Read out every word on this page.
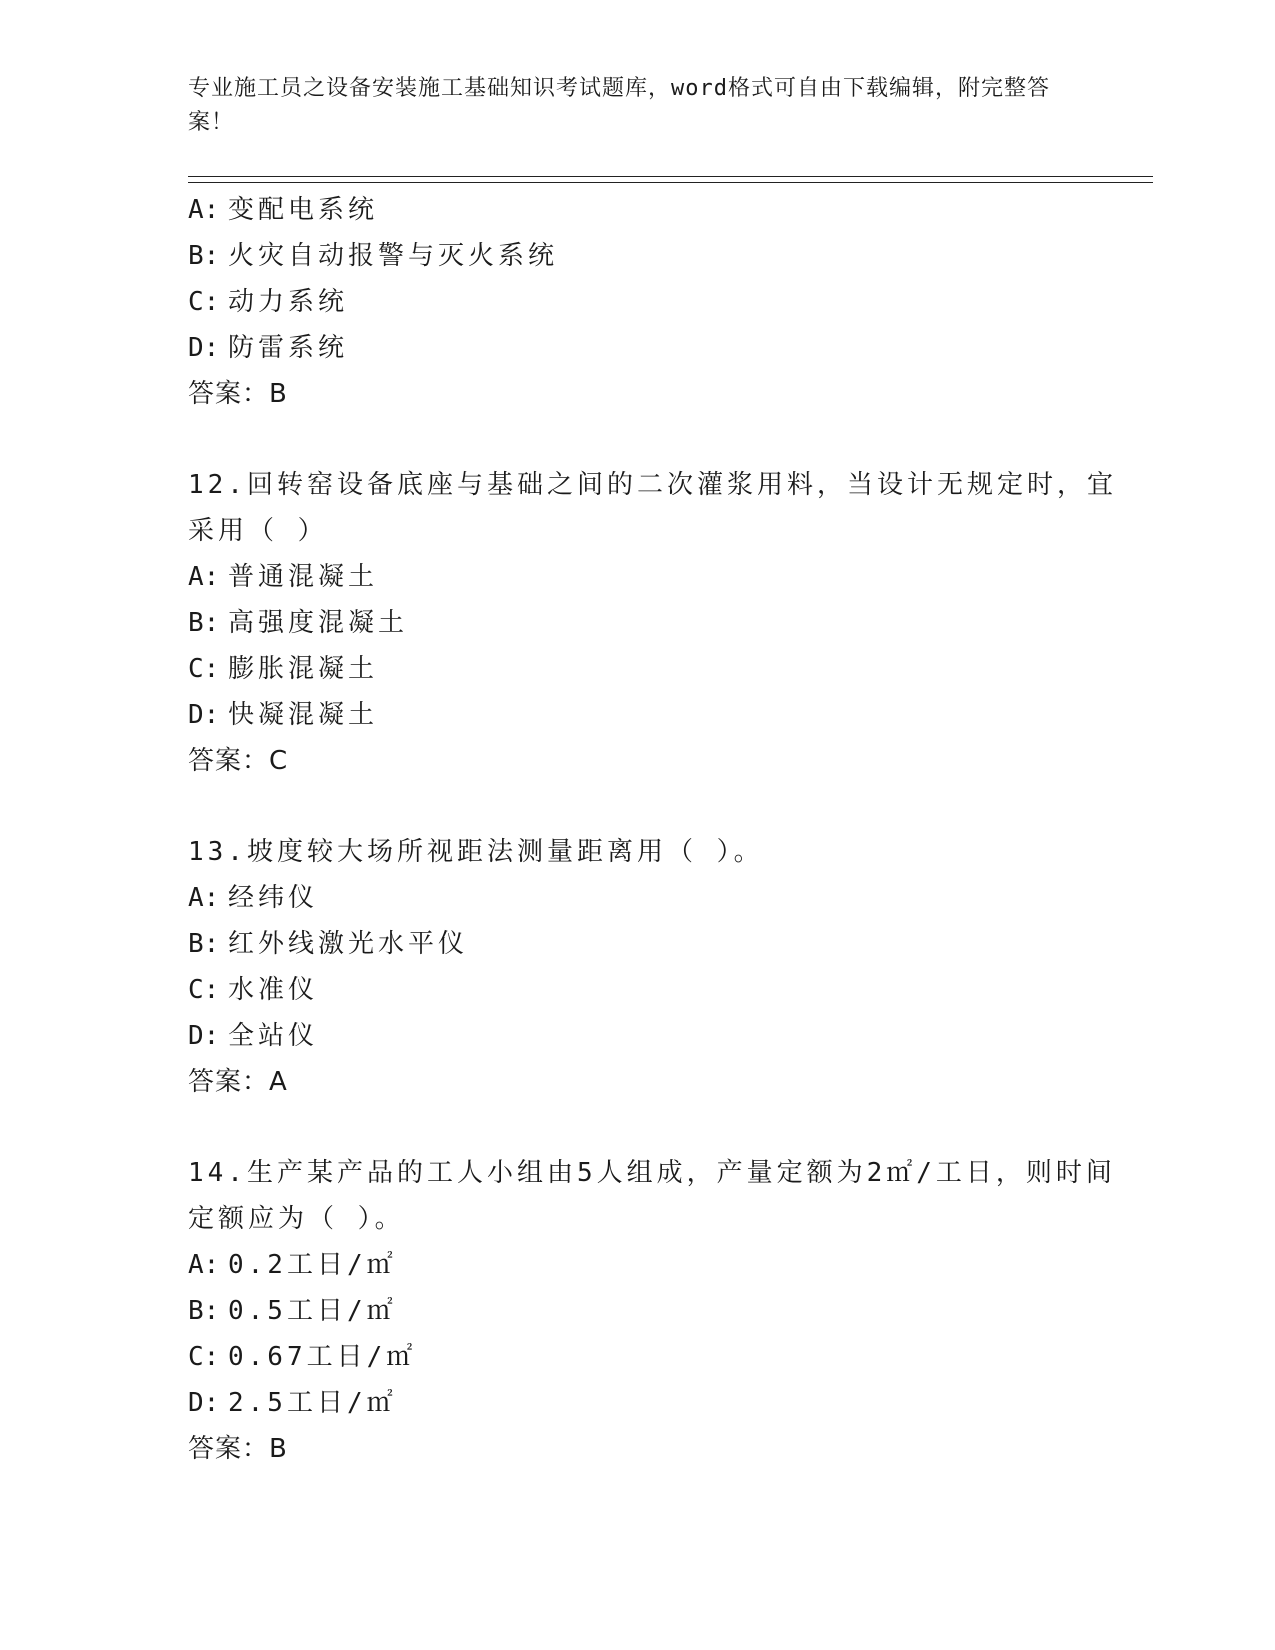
专业施工员之设备安装施工基础知识考试题库，word格式可自由下载编辑，附完整答案！
A: 变配电系统
B: 火灾自动报警与灭火系统
C: 动力系统
D: 防雷系统
答案：B
12.回转窑设备底座与基础之间的二次灌浆用料，当设计无规定时，宜
采用（ ）
A: 普通混凝土
B: 高强度混凝土
C: 膨胀混凝土
D: 快凝混凝土
答案：C
13.坡度较大场所视距法测量距离用（ ）。
A: 经纬仪
B: 红外线激光水平仪
C: 水准仪
D: 全站仪
答案：A
14.生产某产品的工人小组由5人组成，产量定额为2㎡/工日，则时间
定额应为（ ）。
A: 0.2工日/㎡
B: 0.5工日/㎡
C: 0.67工日/㎡
D: 2.5工日/㎡
答案：B
